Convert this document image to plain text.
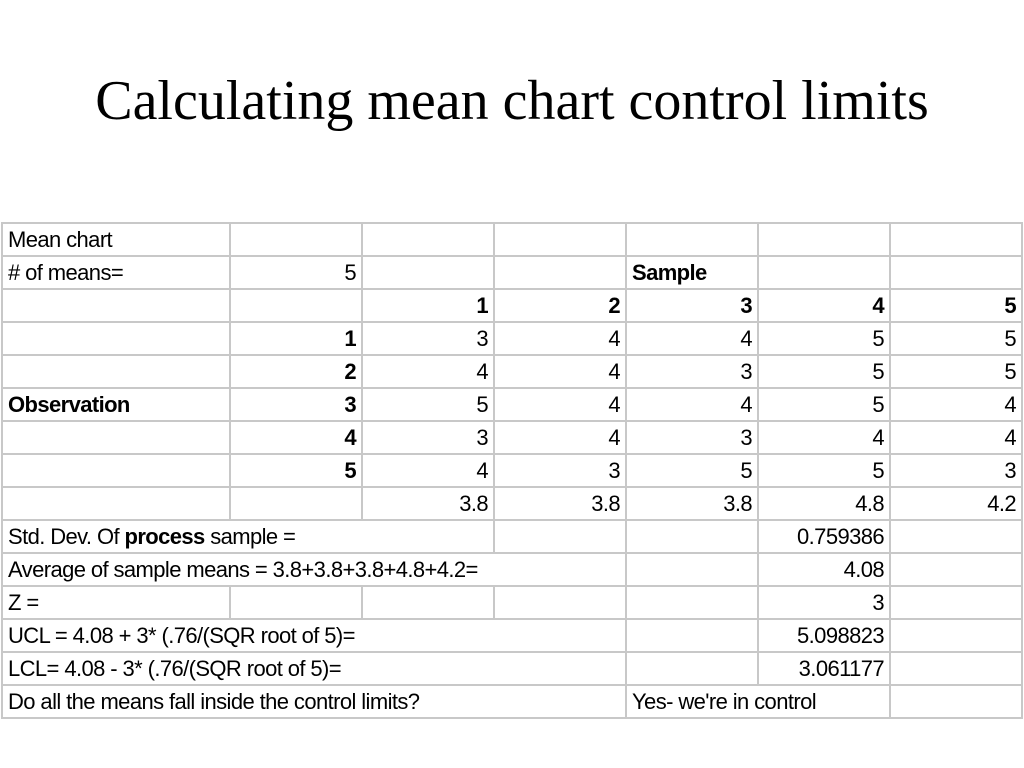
Calculating mean chart control limits
Mean chart						
# of means=	5			Sample		
		1	2	3	4	5
	1	3	4	4	5	5
	2	4	4	3	5	5
Observation	3	5	4	4	5	4
	4	3	4	3	4	4
	5	4	3	5	5	3
		3.8	3.8	3.8	4.8	4.2
Std. Dev. Of process sample =					0.759386	
Average of sample means = 3.8+3.8+3.8+4.8+4.2=					4.08	
Z =					3	
UCL = 4.08 + 3* (.76/(SQR root of 5)=					5.098823	
LCL= 4.08 - 3* (.76/(SQR root of 5)=					3.061177	
Do all the means fall inside the control limits?				Yes- we're in control		
